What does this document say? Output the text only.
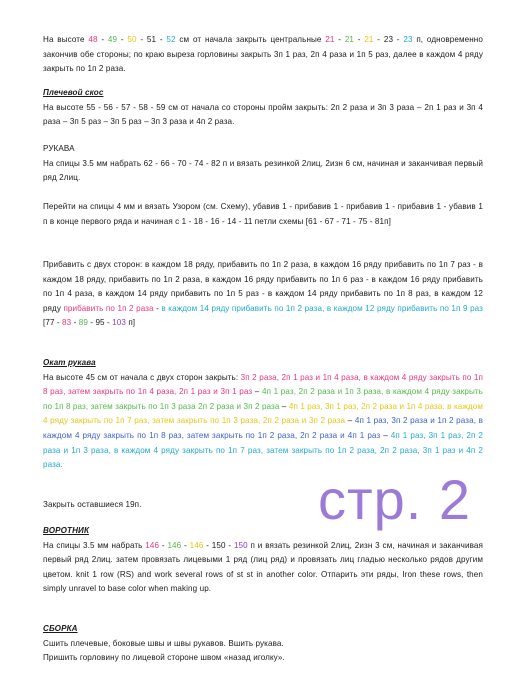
На высоте 48 - 49 - 50 - 51 - 52 см от начала закрыть центральные 21 - 21 - 21 - 23 - 23 п, одновременно закончив обе стороны; по краю выреза горловины закрыть 3п 1 раз, 2п 4 раза и 1п 5 раз, далее в каждом 4 ряду закрыть по 1п 2 раза.
Плечевой скос
На высоте 55 - 56 - 57 - 58 - 59 см от начала со стороны пройм закрыть: 2п 2 раза и 3п 3 раза – 2п 1 раз и 3п 4 раза – 3п 5 раз – 3п 5 раз – 3п 3 раза и 4п 2 раза.
РУКАВА
На спицы 3.5 мм набрать 62 - 66 - 70 - 74 - 82 п и вязать резинкой 2лиц, 2изн 6 см, начиная и заканчивая первый ряд 2лиц.
Перейти на спицы 4 мм и вязать Узором (см. Схему), убавив 1 - прибавив 1 - прибавив 1 - прибавив 1 - убавив 1 п в конце первого ряда и начиная с 1 - 18 - 16 - 14 - 11 петли схемы [61 - 67 - 71 - 75 - 81п]
Прибавить с двух сторон: в каждом 18 ряду, прибавить по 1п 2 раза, в каждом 16 ряду прибавить по 1п 7 раз - в каждом 18 ряду, прибавить по 1п 2 раза, в каждом 16 ряду прибавить по 1п 6 раз - в каждом 16 ряду прибавить по 1п 4 раза, в каждом 14 ряду прибавить по 1п 5 раз - в каждом 14 ряду прибавить по 1п 8 раз, в каждом 12 ряду прибавить по 1п 2 раза - в каждом 14 ряду прибавить по 1п 2 раза, в каждом 12 ряду прибавить по 1п 9 раз [77 - 83 - 89 - 95 - 103 п]
Окат рукава
На высоте 45 см от начала с двух сторон закрыть: 3п 2 раза, 2п 1 раз и 1п 4 раза, в каждом 4 ряду закрыть по 1п 8 раз, затем закрыть по 1п 4 раза, 2п 1 раз и 3п 1 раз – 4п 1 раз, 2п 2 раза и 1п 3 раза, в каждом 4 ряду закрыть по 1п 8 раз, затем закрыть по 1п 3 раза 2п 2 раза и 3п 2 раза – 4п 1 раз, 3п 1 раз, 2п 2 раза и 1п 4 раза, в каждом 4 ряду закрыть по 1п 7 раз, затем закрыть по 1п 3 раза, 2п 2 раза и 3п 2 раза – 4п 1 раз, 3п 2 раза и 1п 2 раза, в каждом 4 ряду закрыть по 1п 8 раз, затем закрыть по 1п 2 раза, 2п 2 раза и 4п 1 раз – 4п 1 раз, 3п 1 раз, 2п 2 раза и 1п 3 раза, в каждом 4 ряду закрыть по 1п 7 раз, затем закрыть по 1п 2 раза, 2п 2 раза, 3п 1 раз и 4п 2 раза.
Закрыть оставшиеся 19п.	стр. 2
ВОРОТНИК
На спицы 3.5 мм набрать 146 - 146 - 146 - 150 - 150 п и вязать резинкой 2лиц, 2изн 3 см, начиная и заканчивая первый ряд 2лиц. затем провязать лицевыми 1 ряд (лиц ряд) и провязать лиц гладью несколько рядов другим цветом. knit 1 row (RS) and work several rows of st st in another color. Отпарить эти ряды, Iron these rows, then simply unravel to base color when making up.
СБОРКА
Сшить плечевые, боковые швы и швы рукавов. Вшить рукава.
Пришить горловину по лицевой стороне швом «назад иголку».
